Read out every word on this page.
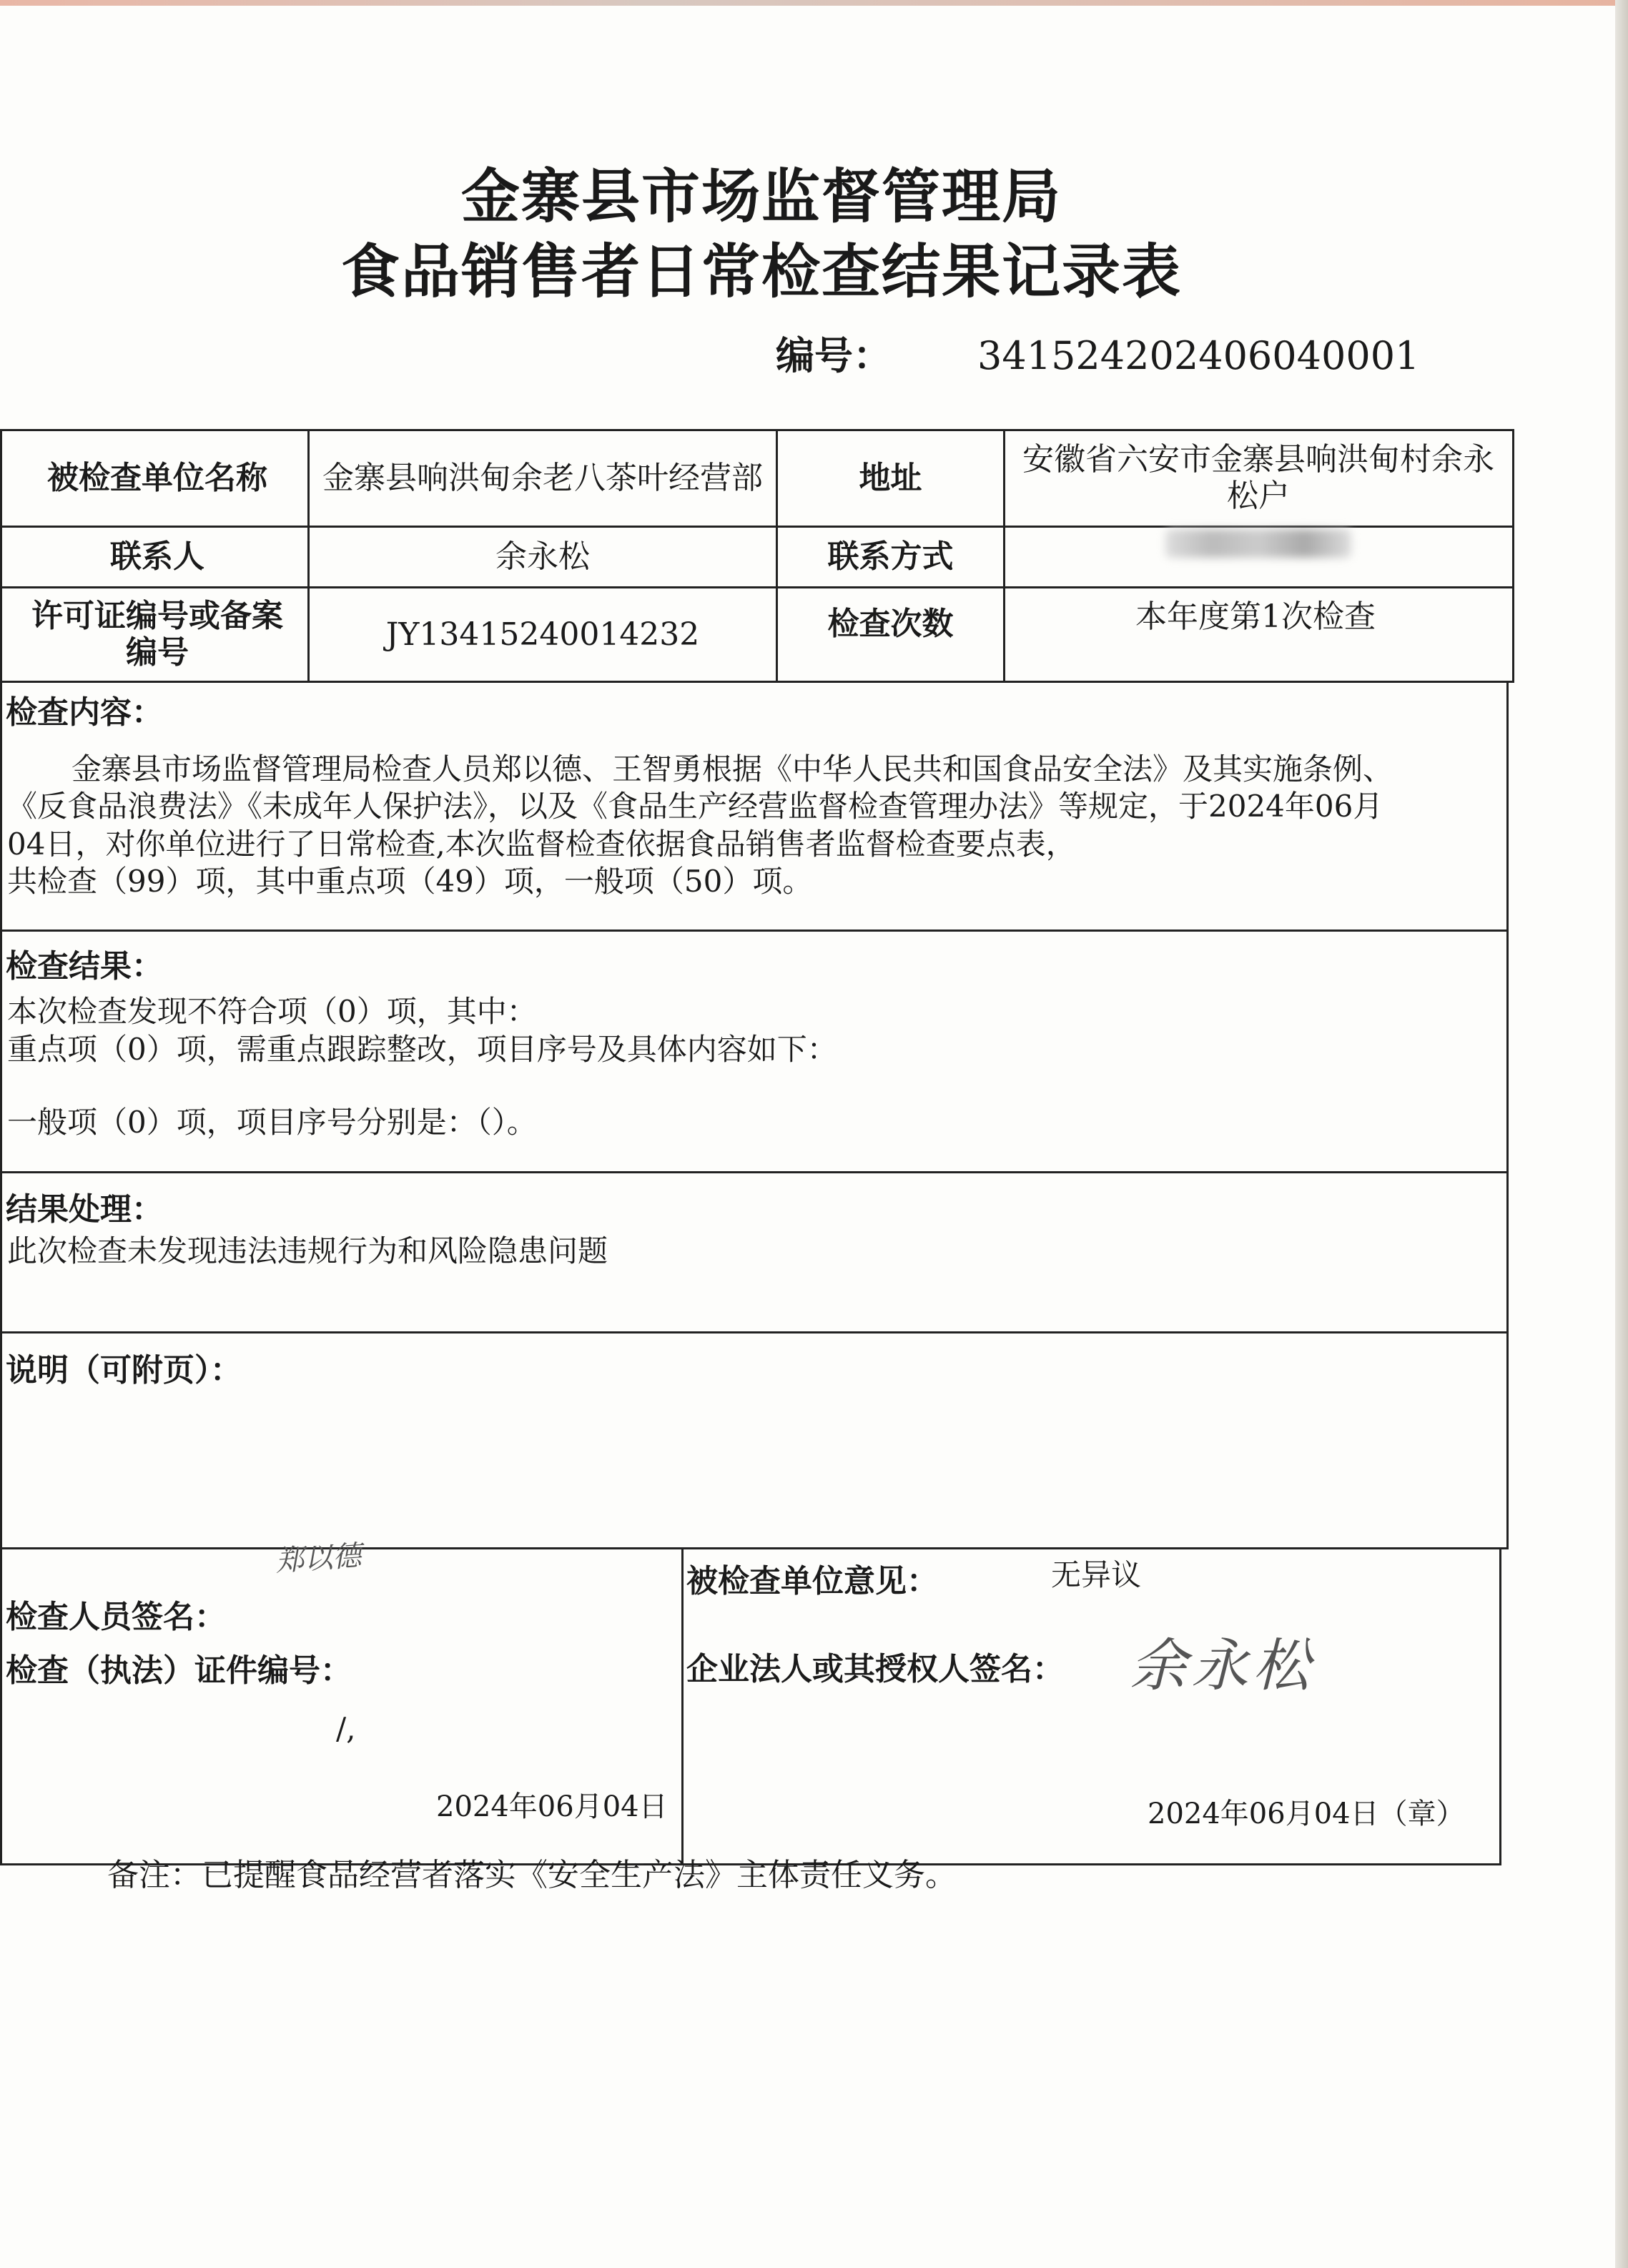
金寨县市场监督管理局
食品销售者日常检查结果记录表
编号： 341524202406040001
被检查单位名称	金寨县响洪甸余老八茶叶经营部	地址	安徽省六安市金寨县响洪甸村余永松户
联系人	余永松	联系方式
许可证编号或备案编号	JY13415240014232	检查次数	本年度第1次检查
检查内容：
金寨县市场监督管理局检查人员郑以德、王智勇根据《中华人民共和国食品安全法》及其实施条例、
《反食品浪费法》《未成年人保护法》，以及《食品生产经营监督检查管理办法》等规定，于2024年06月
04日，对你单位进行了日常检查,本次监督检查依据食品销售者监督检查要点表，
共检查（99）项，其中重点项（49）项，一般项（50）项。
检查结果：
本次检查发现不符合项（0）项，其中：
重点项（0）项，需重点跟踪整改，项目序号及具体内容如下：
一般项（0）项，项目序号分别是：（）。
结果处理：
此次检查未发现违法违规行为和风险隐患问题
说明（可附页）：
郑以德
检查人员签名：
检查（执法）证件编号：
/,
2024年06月04日
被检查单位意见：	无异议
企业法人或其授权人签名： 余永松
2024年06月04日（章）
备注：已提醒食品经营者落实《安全生产法》主体责任义务。
